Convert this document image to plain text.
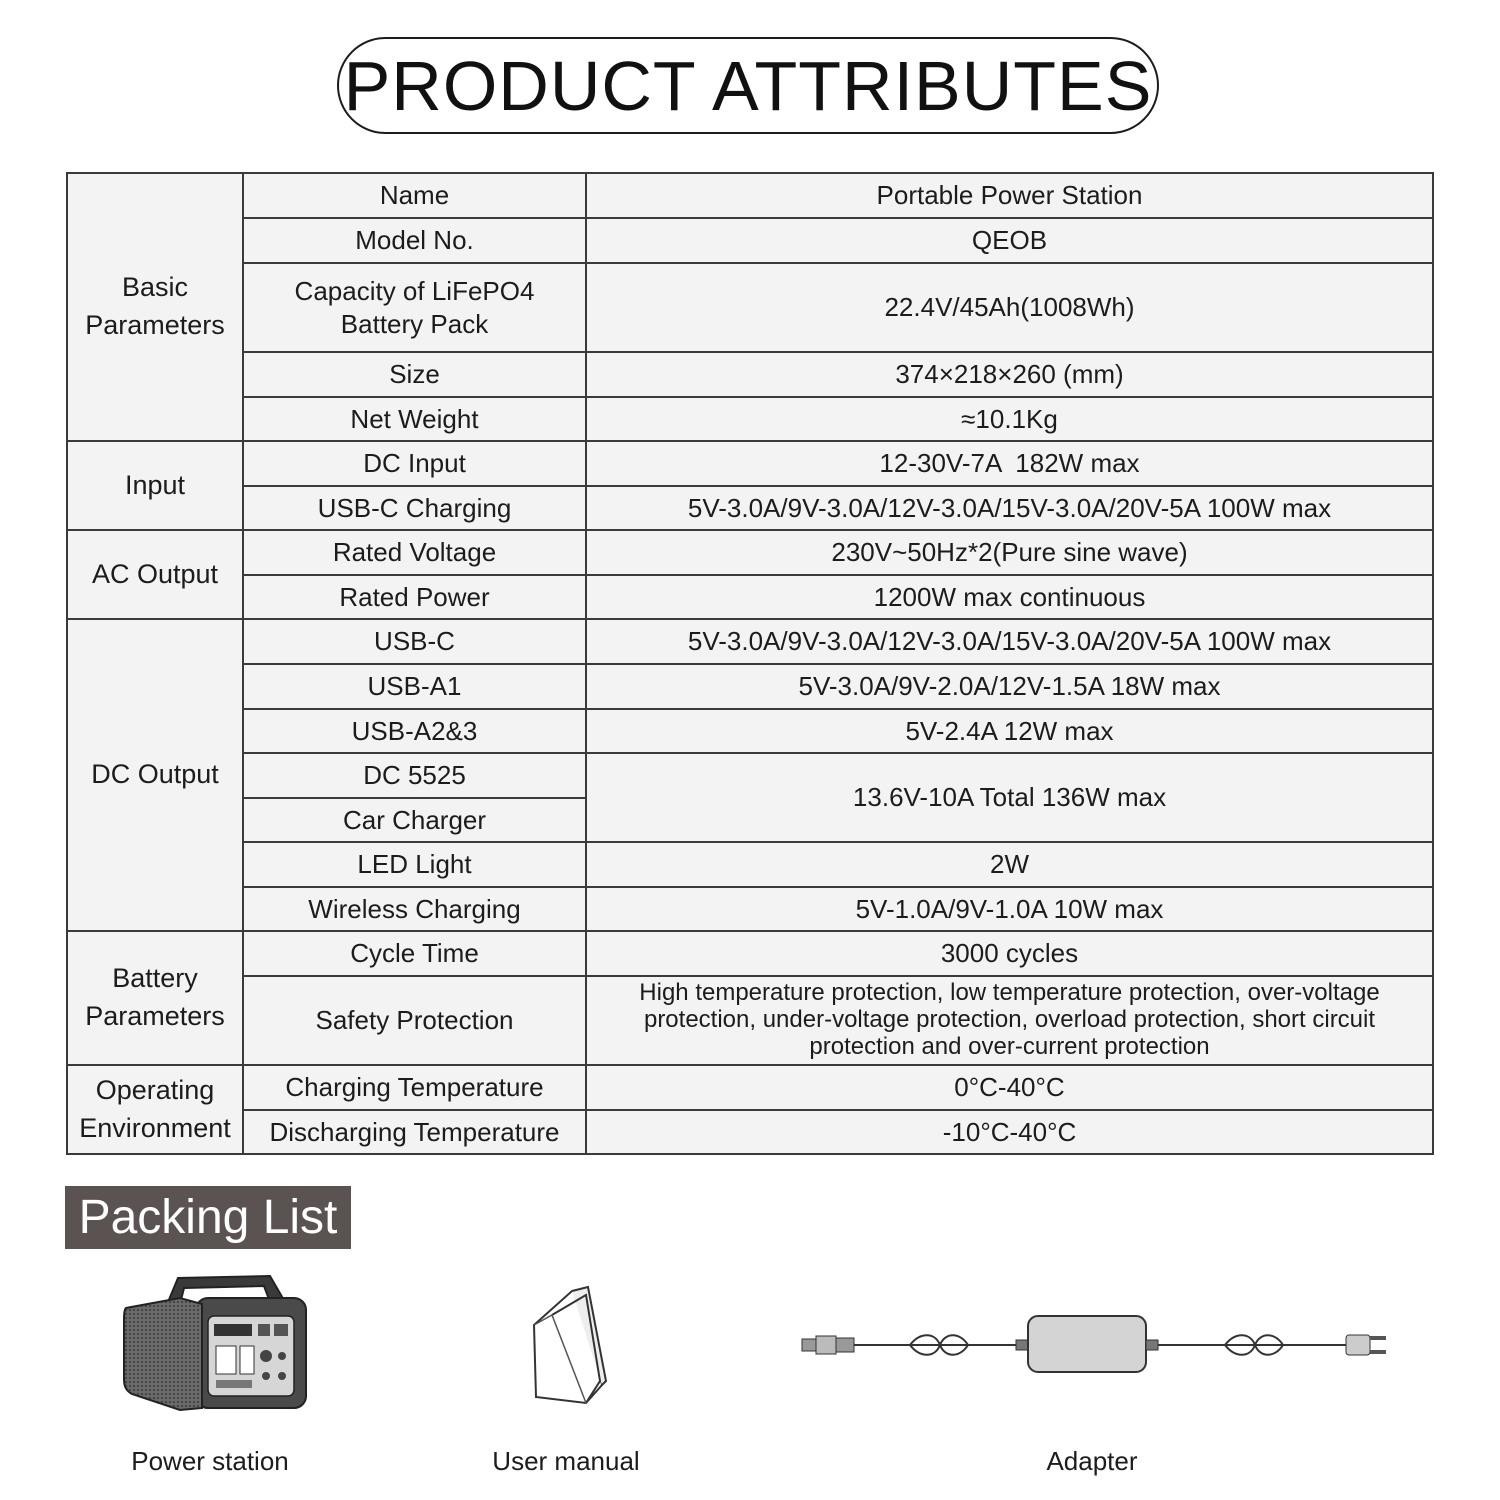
PRODUCT ATTRIBUTES
Basic Parameters	Name	Portable Power Station
	Model No.	QEOB
	Capacity of LiFePO4 Battery Pack	22.4V/45Ah(1008Wh)
	Size	374×218×260 (mm)
	Net Weight	≈10.1Kg
Input	DC Input	12-30V-7A  182W max
	USB-C Charging	5V-3.0A/9V-3.0A/12V-3.0A/15V-3.0A/20V-5A 100W max
AC Output	Rated Voltage	230V~50Hz*2(Pure sine wave)
	Rated Power	1200W max continuous
DC Output	USB-C	5V-3.0A/9V-3.0A/12V-3.0A/15V-3.0A/20V-5A 100W max
	USB-A1	5V-3.0A/9V-2.0A/12V-1.5A 18W max
	USB-A2&3	5V-2.4A 12W max
	DC 5525	13.6V-10A Total 136W max
	Car Charger	
	LED Light	2W
	Wireless Charging	5V-1.0A/9V-1.0A 10W max
Battery Parameters	Cycle Time	3000 cycles
	Safety Protection	High temperature protection, low temperature protection, over-voltage protection, under-voltage protection, overload protection, short circuit protection and over-current protection
Operating Environment	Charging Temperature	0°C-40°C
	Discharging Temperature	-10°C-40°C
Packing List
Power station	User manual	Adapter
